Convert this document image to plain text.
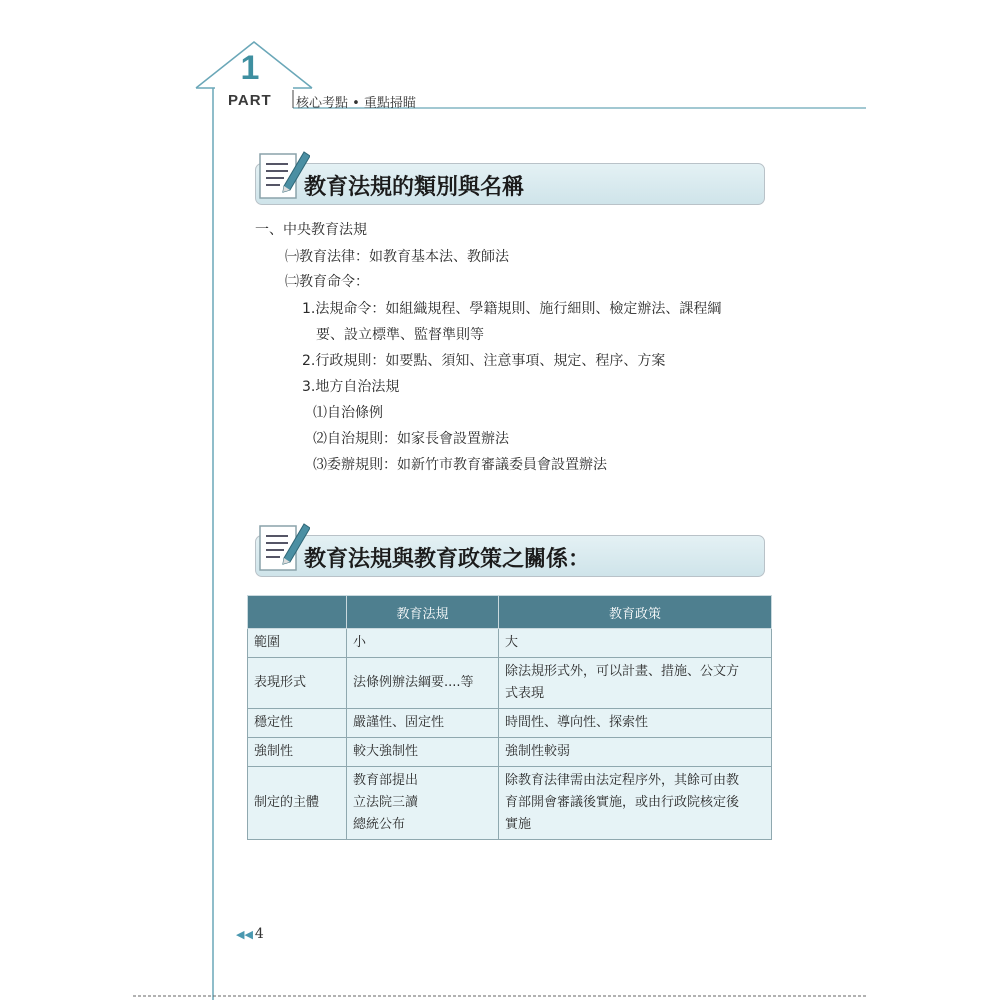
1
PART 核心考點 • 重點掃瞄
教育法規的類別與名稱
一、中央教育法規
㈠教育法律：如教育基本法、教師法
㈡教育命令：
1.法規命令：如組織規程、學籍規則、施行細則、檢定辦法、課程綱
要、設立標準、監督準則等
2.行政規則：如要點、須知、注意事項、規定、程序、方案
3.地方自治法規
⑴自治條例
⑵自治規則：如家長會設置辦法
⑶委辦規則：如新竹市教育審議委員會設置辦法
教育法規與教育政策之關係：
	教育法規	教育政策
範圍	小	大

表現形式	法條例辦法綱要....等	除法規形式外，可以計畫、措施、公文方
式表現

穩定性	嚴謹性、固定性	時間性、導向性、探索性

強制性	較大強制性	強制性較弱

制定的主體	教育部提出
立法院三讀
總統公布	除教育法律需由法定程序外，其餘可由教
育部開會審議後實施，或由行政院核定後
實施
◀◀ 4
